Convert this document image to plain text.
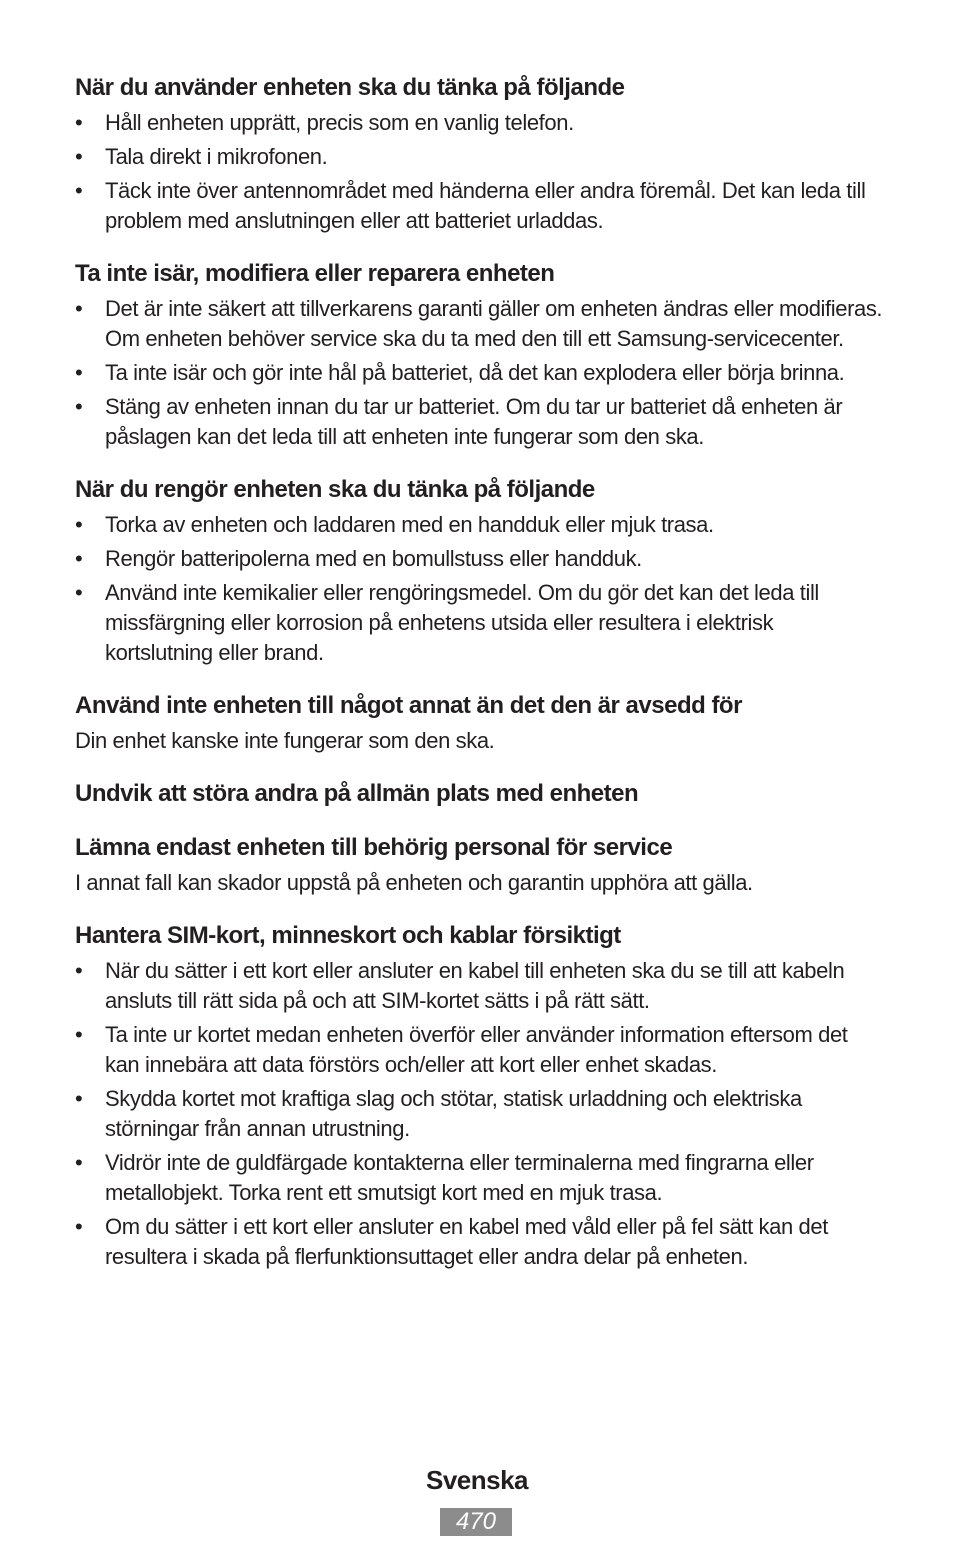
När du använder enheten ska du tänka på följande
• Håll enheten upprätt, precis som en vanlig telefon.
• Tala direkt i mikrofonen.
• Täck inte över antennområdet med händerna eller andra föremål. Det kan leda till problem med anslutningen eller att batteriet urladdas.
Ta inte isär, modifiera eller reparera enheten
• Det är inte säkert att tillverkarens garanti gäller om enheten ändras eller modifieras. Om enheten behöver service ska du ta med den till ett Samsung-servicecenter.
• Ta inte isär och gör inte hål på batteriet, då det kan explodera eller börja brinna.
• Stäng av enheten innan du tar ur batteriet. Om du tar ur batteriet då enheten är påslagen kan det leda till att enheten inte fungerar som den ska.
När du rengör enheten ska du tänka på följande
• Torka av enheten och laddaren med en handduk eller mjuk trasa.
• Rengör batteripolerna med en bomullstuss eller handduk.
• Använd inte kemikalier eller rengöringsmedel. Om du gör det kan det leda till missfärgning eller korrosion på enhetens utsida eller resultera i elektrisk kortslutning eller brand.
Använd inte enheten till något annat än det den är avsedd för

Din enhet kanske inte fungerar som den ska.

Undvik att störa andra på allmän plats med enheten
Lämna endast enheten till behörig personal för service

I annat fall kan skador uppstå på enheten och garantin upphöra att gälla.

Hantera SIM-kort, minneskort och kablar försiktigt
• När du sätter i ett kort eller ansluter en kabel till enheten ska du se till att kabeln ansluts till rätt sida på och att SIM-kortet sätts i på rätt sätt.
• Ta inte ur kortet medan enheten överför eller använder information eftersom det kan innebära att data förstörs och/eller att kort eller enhet skadas.
• Skydda kortet mot kraftiga slag och stötar, statisk urladdning och elektriska störningar från annan utrustning.
• Vidrör inte de guldfärgade kontakterna eller terminalerna med fingrarna eller metallobjekt. Torka rent ett smutsigt kort med en mjuk trasa.
• Om du sätter i ett kort eller ansluter en kabel med våld eller på fel sätt kan det resultera i skada på flerfunktionsuttaget eller andra delar på enheten.
Svenska
470
